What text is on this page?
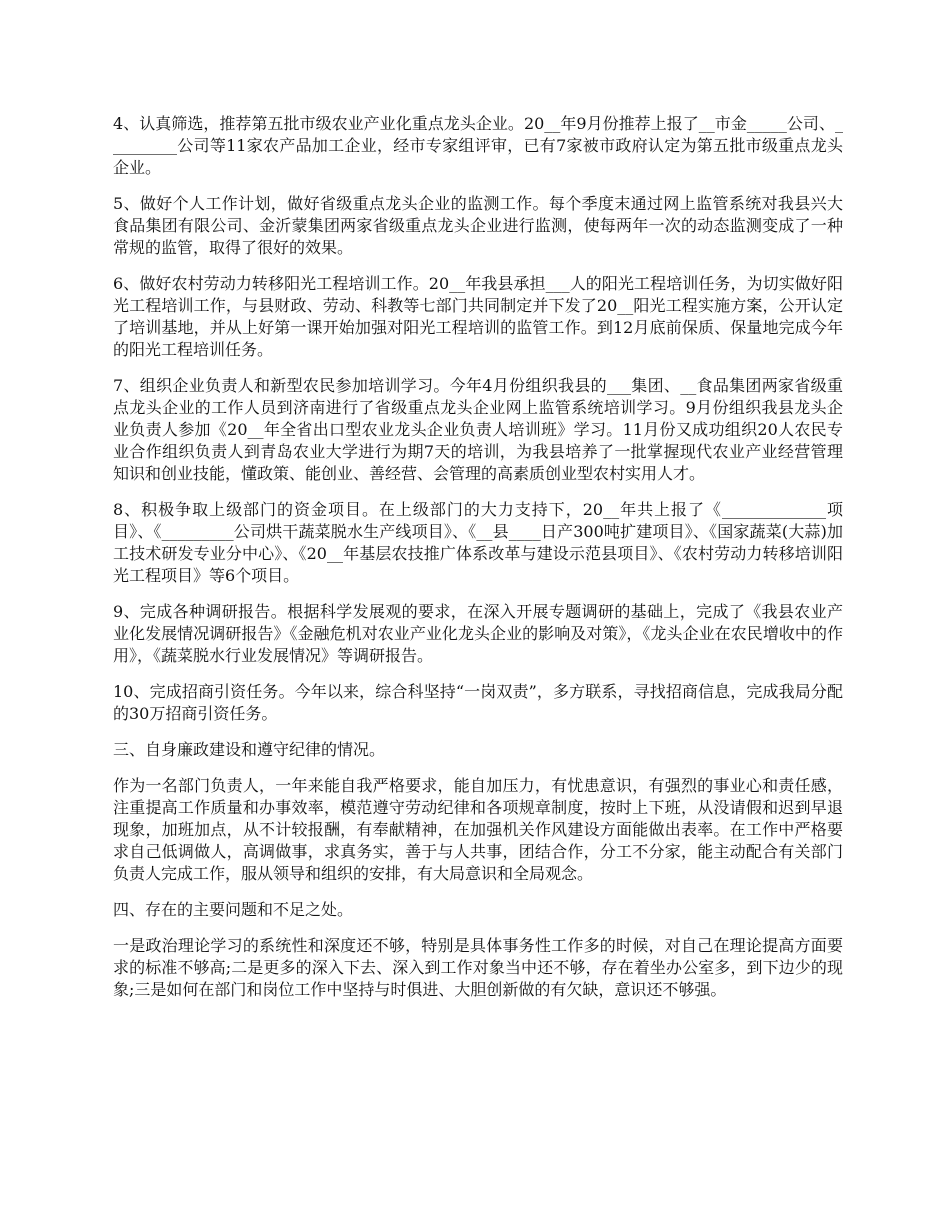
4、认真筛选，推荐第五批市级农业产业化重点龙头企业。20__年9月份推荐上报了__市金_____公司、_________公司等11家农产品加工企业，经市专家组评审，已有7家被市政府认定为第五批市级重点龙头企业。

5、做好个人工作计划，做好省级重点龙头企业的监测工作。每个季度末通过网上监管系统对我县兴大食品集团有限公司、金沂蒙集团两家省级重点龙头企业进行监测，使每两年一次的动态监测变成了一种常规的监管，取得了很好的效果。

6、做好农村劳动力转移阳光工程培训工作。20__年我县承担___人的阳光工程培训任务，为切实做好阳光工程培训工作，与县财政、劳动、科教等七部门共同制定并下发了20__阳光工程实施方案，公开认定了培训基地，并从上好第一课开始加强对阳光工程培训的监管工作。到12月底前保质、保量地完成今年的阳光工程培训任务。

7、组织企业负责人和新型农民参加培训学习。今年4月份组织我县的___集团、__食品集团两家省级重点龙头企业的工作人员到济南进行了省级重点龙头企业网上监管系统培训学习。9月份组织我县龙头企业负责人参加《20__年全省出口型农业龙头企业负责人培训班》学习。11月份又成功组织20人农民专业合作组织负责人到青岛农业大学进行为期7天的培训，为我县培养了一批掌握现代农业产业经营管理知识和创业技能，懂政策、能创业、善经营、会管理的高素质创业型农村实用人才。

8、积极争取上级部门的资金项目。在上级部门的大力支持下，20__年共上报了《_____________项目》、《_________公司烘干蔬菜脱水生产线项目》、《__县____日产300吨扩建项目》、《国家蔬菜(大蒜)加工技术研发专业分中心》、《20__年基层农技推广体系改革与建设示范县项目》、《农村劳动力转移培训阳光工程项目》等6个项目。

9、完成各种调研报告。根据科学发展观的要求，在深入开展专题调研的基础上，完成了《我县农业产业化发展情况调研报告》《金融危机对农业产业化龙头企业的影响及对策》，《龙头企业在农民增收中的作用》，《蔬菜脱水行业发展情况》等调研报告。

10、完成招商引资任务。今年以来，综合科坚持“一岗双责”，多方联系，寻找招商信息，完成我局分配的30万招商引资任务。

三、自身廉政建设和遵守纪律的情况。

作为一名部门负责人，一年来能自我严格要求，能自加压力，有忧患意识，有强烈的事业心和责任感，注重提高工作质量和办事效率，模范遵守劳动纪律和各项规章制度，按时上下班，从没请假和迟到早退现象，加班加点，从不计较报酬，有奉献精神，在加强机关作风建设方面能做出表率。在工作中严格要求自己低调做人，高调做事，求真务实，善于与人共事，团结合作，分工不分家，能主动配合有关部门负责人完成工作，服从领导和组织的安排，有大局意识和全局观念。

四、存在的主要问题和不足之处。

一是政治理论学习的系统性和深度还不够，特别是具体事务性工作多的时候，对自己在理论提高方面要求的标准不够高;二是更多的深入下去、深入到工作对象当中还不够，存在着坐办公室多，到下边少的现象;三是如何在部门和岗位工作中坚持与时俱进、大胆创新做的有欠缺，意识还不够强。
